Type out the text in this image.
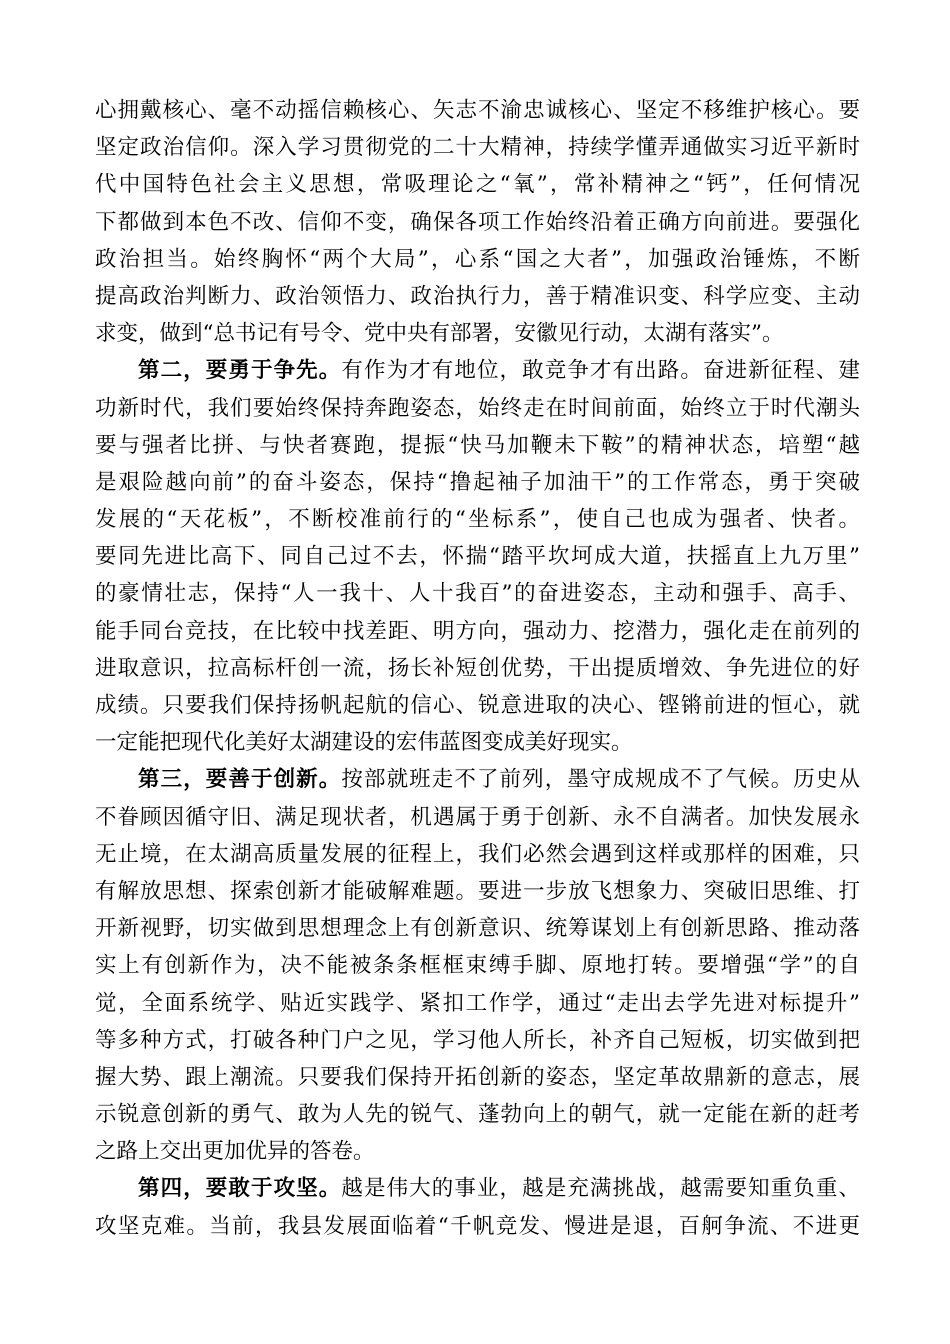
心拥戴核心、毫不动摇信赖核心、矢志不渝忠诚核心、坚定不移维护核心。要
坚定政治信仰。深入学习贯彻党的二十大精神，持续学懂弄通做实习近平新时
代中国特色社会主义思想，常吸理论之“氧”，常补精神之“钙”，任何情况
下都做到本色不改、信仰不变，确保各项工作始终沿着正确方向前进。要强化
政治担当。始终胸怀“两个大局”，心系“国之大者”，加强政治锤炼，不断
提高政治判断力、政治领悟力、政治执行力，善于精准识变、科学应变、主动
求变，做到“总书记有号令、党中央有部署，安徽见行动，太湖有落实”。
第二，要勇于争先。有作为才有地位，敢竞争才有出路。奋进新征程、建
功新时代，我们要始终保持奔跑姿态，始终走在时间前面，始终立于时代潮头
要与强者比拼、与快者赛跑，提振“快马加鞭未下鞍”的精神状态，培塑“越
是艰险越向前”的奋斗姿态，保持“撸起袖子加油干”的工作常态，勇于突破
发展的“天花板”，不断校准前行的“坐标系”，使自己也成为强者、快者。
要同先进比高下、同自己过不去，怀揣“踏平坎坷成大道，扶摇直上九万里”
的豪情壮志，保持“人一我十、人十我百”的奋进姿态，主动和强手、高手、
能手同台竞技，在比较中找差距、明方向，强动力、挖潜力，强化走在前列的
进取意识，拉高标杆创一流，扬长补短创优势，干出提质增效、争先进位的好
成绩。只要我们保持扬帆起航的信心、锐意进取的决心、铿锵前进的恒心，就
一定能把现代化美好太湖建设的宏伟蓝图变成美好现实。
第三，要善于创新。按部就班走不了前列，墨守成规成不了气候。历史从
不眷顾因循守旧、满足现状者，机遇属于勇于创新、永不自满者。加快发展永
无止境，在太湖高质量发展的征程上，我们必然会遇到这样或那样的困难，只
有解放思想、探索创新才能破解难题。要进一步放飞想象力、突破旧思维、打
开新视野，切实做到思想理念上有创新意识、统筹谋划上有创新思路、推动落
实上有创新作为，决不能被条条框框束缚手脚、原地打转。要增强“学”的自
觉，全面系统学、贴近实践学、紧扣工作学，通过“走出去学先进对标提升”
等多种方式，打破各种门户之见，学习他人所长，补齐自己短板，切实做到把
握大势、跟上潮流。只要我们保持开拓创新的姿态，坚定革故鼎新的意志，展
示锐意创新的勇气、敢为人先的锐气、蓬勃向上的朝气，就一定能在新的赶考
之路上交出更加优异的答卷。
第四，要敢于攻坚。越是伟大的事业，越是充满挑战，越需要知重负重、
攻坚克难。当前，我县发展面临着“千帆竞发、慢进是退，百舸争流、不进更
